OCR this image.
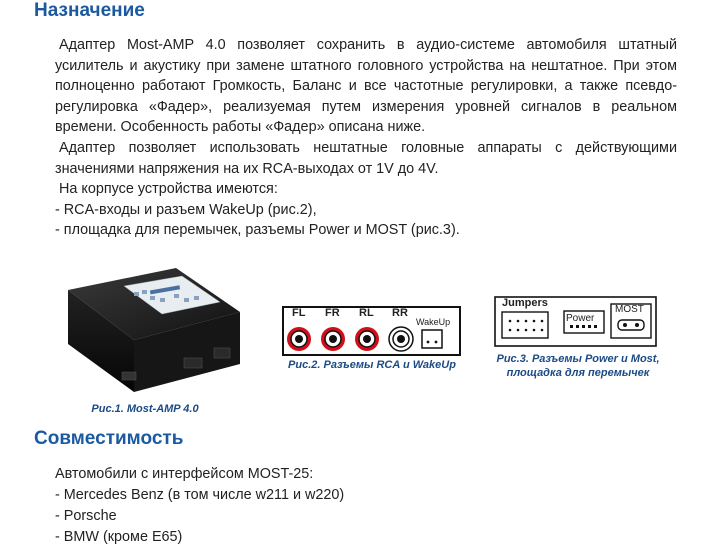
Назначение
Адаптер Most-AMP 4.0 позволяет сохранить в аудио-системе автомобиля штатный
усилитель и акустику при замене штатного головного устройства на нештатное. При этом
полноценно работают Громкость, Баланс и все частотные регулировки, а также псевдо-
регулировка «Фадер», реализуемая путем измерения уровней сигналов в реальном
времени. Особенность работы «Фадер» описана ниже.
Адаптер позволяет использовать нештатные головные аппараты с действующими
значениями напряжения на их RCA-выходах от 1V до 4V.
На корпусе устройства имеются:
- RCA-входы и разъем WakeUp (рис.2),
- площадка для перемычек, разъемы Power и MOST (рис.3).
Рис.1. Most-AMP 4.0
FL FR RL RR
WakeUp
Рис.2. Разъемы RCA и WakeUp
Jumpers
Power
MOST
Рис.3. Разъемы Power и Most,
площадка для перемычек
Совместимость
Автомобили с интерфейсом MOST-25:
- Mercedes Benz (в том числе w211 и w220)
- Porsche
- BMW (кроме E65)
